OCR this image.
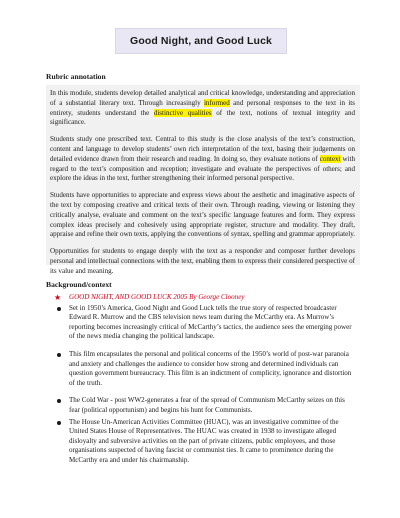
Good Night, and Good Luck
Rubric annotation

In this module, students develop detailed analytical and critical knowledge, understanding and appreciation of a substantial literary text. Through increasingly informed and personal responses to the text in its entirety, students understand the distinctive qualities of the text, notions of textual integrity and significance.

Students study one prescribed text. Central to this study is the close analysis of the text’s construction, content and language to develop students’ own rich interpretation of the text, basing their judgements on detailed evidence drawn from their research and reading. In doing so, they evaluate notions of context with regard to the text’s composition and reception; investigate and evaluate the perspectives of others; and explore the ideas in the text, further strengthening their informed personal perspective.

Students have opportunities to appreciate and express views about the aesthetic and imaginative aspects of the text by composing creative and critical texts of their own. Through reading, viewing or listening they critically analyse, evaluate and comment on the text’s specific language features and form. They express complex ideas precisely and cohesively using appropriate register, structure and modality. They draft, appraise and refine their own texts, applying the conventions of syntax, spelling and grammar appropriately.

Opportunities for students to engage deeply with the text as a responder and composer further develops personal and intellectual connections with the text, enabling them to express their considered perspective of its value and meaning.

Background/context
★	GOOD NIGHT, AND GOOD LUCK 2005 By George Clooney
Set in 1950’s America, Good Night and Good Luck tells the true story of respected broadcaster Edward R. Murrow and the CBS television news team during the McCarthy era. As Murrow’s reporting becomes increasingly critical of McCarthy’s tactics, the audience sees the emerging power of the news media changing the political landscape.
This film encapsulates the personal and political concerns of the 1950’s world of post-war paranoia and anxiety and challenges the audience to consider how strong and determined individuals can question government bureaucracy. This film is an indictment of complicity, ignorance and distortion of the truth.
The Cold War - post WW2-generates a fear of the spread of Communism McCarthy seizes on this fear (political opportunism) and begins his hunt for Communists.
The House Un-American Activities Committee (HUAC), was an investigative committee of the United States House of Representatives. The HUAC was created in 1938 to investigate alleged disloyalty and subversive activities on the part of private citizens, public employees, and those organisations suspected of having fascist or communist ties. It came to prominence during the McCarthy era and under his chairmanship.
